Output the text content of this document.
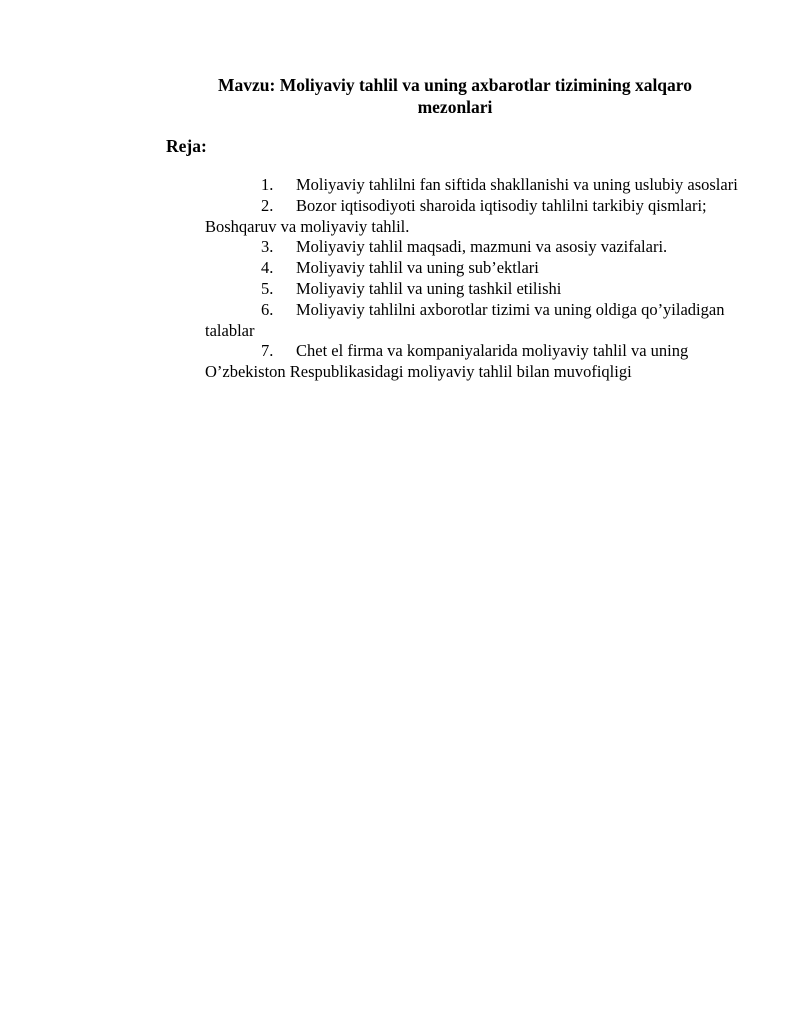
Mavzu: Moliyaviy tahlil va uning axbarotlar tizimining xalqaro
mezonlari
Reja:
1. Moliyaviy tahlilni fan siftida shakllanishi va uning uslubiy asoslari
2. Bozor iqtisodiyoti sharoida iqtisodiy tahlilni tarkibiy qismlari; Boshqaruv va moliyaviy tahlil.
3. Moliyaviy tahlil maqsadi, mazmuni va asosiy vazifalari.
4. Moliyaviy tahlil va uning sub’ektlari
5. Moliyaviy tahlil va uning tashkil etilishi
6. Moliyaviy tahlilni axborotlar tizimi va uning oldiga qo’yiladigan talablar
7. Chet el firma va kompaniyalarida moliyaviy tahlil va uning O’zbekiston Respublikasidagi moliyaviy tahlil bilan muvofiqligi
